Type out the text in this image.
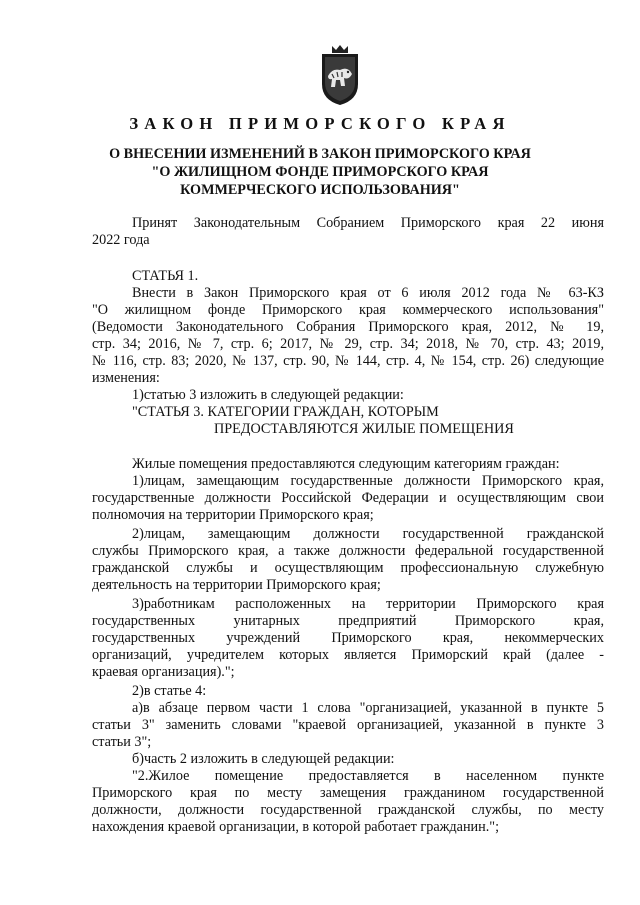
ЗАКОН ПРИМОРСКОГО КРАЯ
О ВНЕСЕНИИ ИЗМЕНЕНИЙ В ЗАКОН ПРИМОРСКОГО КРАЯ
"О ЖИЛИЩНОМ ФОНДЕ ПРИМОРСКОГО КРАЯ
КОММЕРЧЕСКОГО ИСПОЛЬЗОВАНИЯ"
Принят Законодательным Собранием Приморского края 22 июня
2022 года
СТАТЬЯ 1.
Внести в Закон Приморского края от 6 июля 2012 года № 63-КЗ
"О жилищном фонде Приморского края коммерческого использования"
(Ведомости Законодательного Собрания Приморского края, 2012, № 19,
стр. 34; 2016, № 7, стр. 6; 2017, № 29, стр. 34; 2018, № 70, стр. 43; 2019,
№ 116, стр. 83; 2020, № 137, стр. 90, № 144, стр. 4, № 154, стр. 26) следующие
изменения:
1)статью 3 изложить в следующей редакции:
"СТАТЬЯ 3. КАТЕГОРИИ ГРАЖДАН, КОТОРЫМ
ПРЕДОСТАВЛЯЮТСЯ ЖИЛЫЕ ПОМЕЩЕНИЯ
Жилые помещения предоставляются следующим категориям граждан:
1)лицам, замещающим государственные должности Приморского края,
государственные должности Российской Федерации и осуществляющим свои
полномочия на территории Приморского края;
2)лицам, замещающим должности государственной гражданской
службы Приморского края, а также должности федеральной государственной
гражданской службы и осуществляющим профессиональную служебную
деятельность на территории Приморского края;
3)работникам расположенных на территории Приморского края
государственных унитарных предприятий Приморского края,
государственных учреждений Приморского края, некоммерческих
организаций, учредителем которых является Приморский край (далее -
краевая организация).";
2)в статье 4:
а)в абзаце первом части 1 слова "организацией, указанной в пункте 5
статьи 3" заменить словами "краевой организацией, указанной в пункте 3
статьи 3";
б)часть 2 изложить в следующей редакции:
"2.Жилое помещение предоставляется в населенном пункте
Приморского края по месту замещения гражданином государственной
должности, должности государственной гражданской службы, по месту
нахождения краевой организации, в которой работает гражданин.";
